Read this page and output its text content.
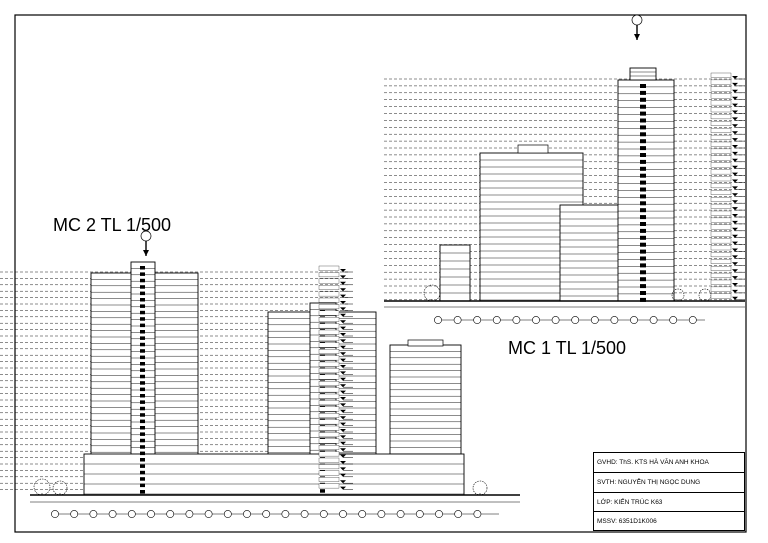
MC 2 TL 1/500
MC 1 TL 1/500
GVHD: ThS. KTS HÀ VĂN ANH KHOA
SVTH: NGUYỄN THỊ NGỌC DUNG
LỚP: KIẾN TRÚC K63
MSSV: 6351D1K006
